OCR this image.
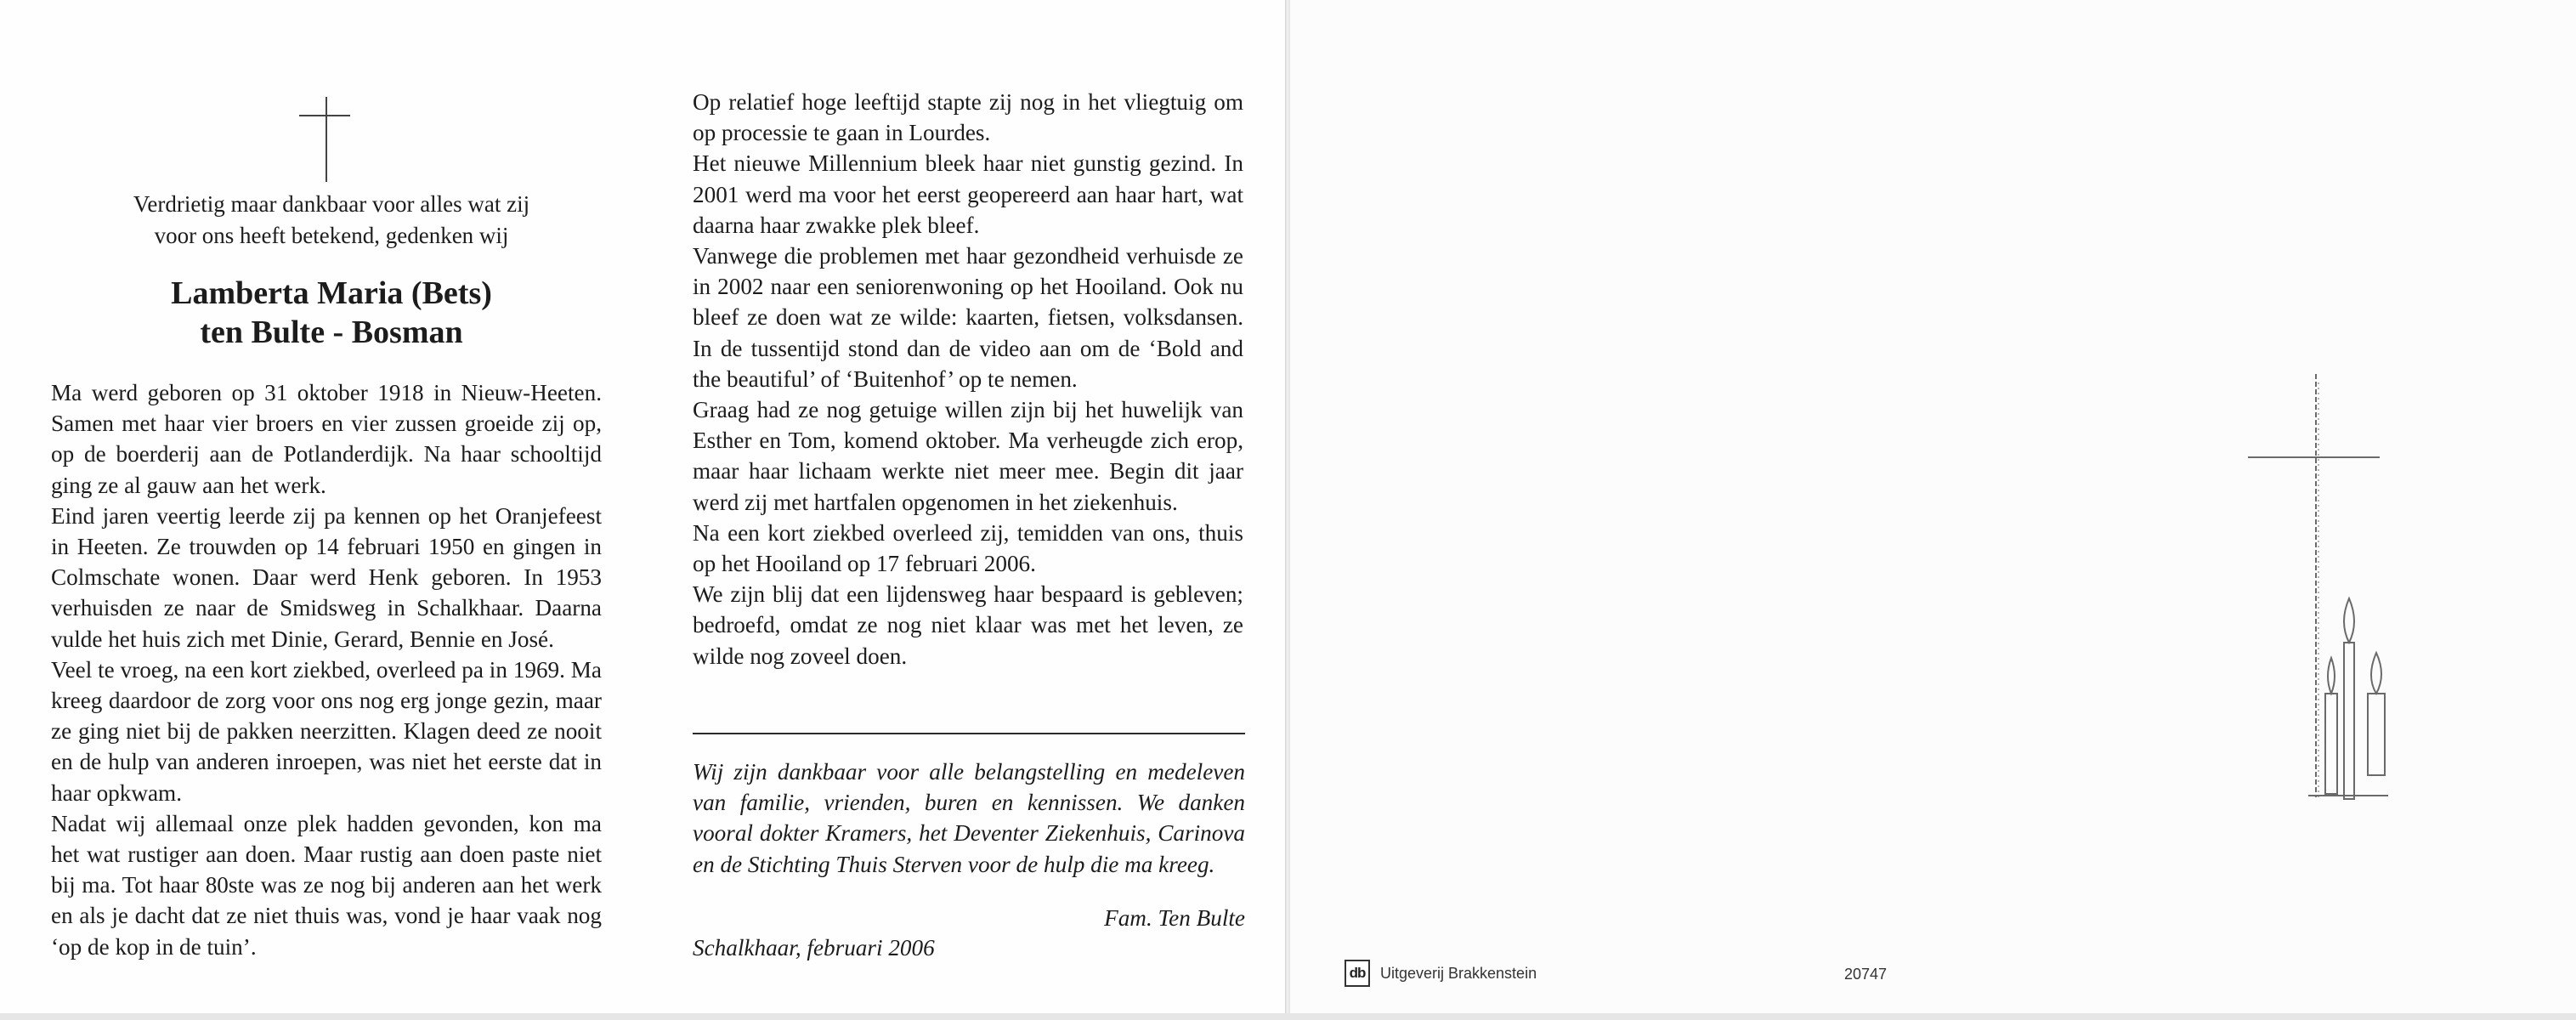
Verdrietig maar dankbaar voor alles wat zij
voor ons heeft betekend, gedenken wij
Lamberta Maria (Bets)
ten Bulte - Bosman

Ma werd geboren op 31 oktober 1918 in Nieuw-Heeten. Samen met haar vier broers en vier zussen groeide zij op, op de boerderij aan de Potlanderdijk. Na haar schooltijd ging ze al gauw aan het werk.

Eind jaren veertig leerde zij pa kennen op het Oranjefeest in Heeten. Ze trouwden op 14 februari 1950 en gingen in Colmschate wonen. Daar werd Henk geboren. In 1953 verhuisden ze naar de Smidsweg in Schalkhaar. Daarna vulde het huis zich met Dinie, Gerard, Bennie en José.

Veel te vroeg, na een kort ziekbed, overleed pa in 1969. Ma kreeg daardoor de zorg voor ons nog erg jonge gezin, maar ze ging niet bij de pakken neerzitten. Klagen deed ze nooit en de hulp van anderen inroepen, was niet het eerste dat in haar opkwam.

Nadat wij allemaal onze plek hadden gevonden, kon ma het wat rustiger aan doen. Maar rustig aan doen paste niet bij ma. Tot haar 80ste was ze nog bij anderen aan het werk en als je dacht dat ze niet thuis was, vond je haar vaak nog ‘op de kop in de tuin’.

Op relatief hoge leeftijd stapte zij nog in het vliegtuig om op processie te gaan in Lourdes.

Het nieuwe Millennium bleek haar niet gunstig gezind. In 2001 werd ma voor het eerst geopereerd aan haar hart, wat daarna haar zwakke plek bleef.

Vanwege die problemen met haar gezondheid verhuisde ze in 2002 naar een seniorenwoning op het Hooiland. Ook nu bleef ze doen wat ze wilde: kaarten, fietsen, volksdansen. In de tussentijd stond dan de video aan om de ‘Bold and the beautiful’ of ‘Buitenhof’ op te nemen.

Graag had ze nog getuige willen zijn bij het huwelijk van Esther en Tom, komend oktober. Ma verheugde zich erop, maar haar lichaam werkte niet meer mee. Begin dit jaar werd zij met hartfalen opgenomen in het ziekenhuis.

Na een kort ziekbed overleed zij, temidden van ons, thuis op het Hooiland op 17 februari 2006.

We zijn blij dat een lijdensweg haar bespaard is gebleven; bedroefd, omdat ze nog niet klaar was met het leven, ze wilde nog zoveel doen.

Wij zijn dankbaar voor alle belangstelling en medeleven van familie, vrienden, buren en kennissen. We danken vooral dokter Kramers, het Deventer Ziekenhuis, Carinova en de Stichting Thuis Sterven voor de hulp die ma kreeg.

Fam. Ten Bulte
Schalkhaar, februari 2006
db Uitgeverij Brakkenstein	20747
